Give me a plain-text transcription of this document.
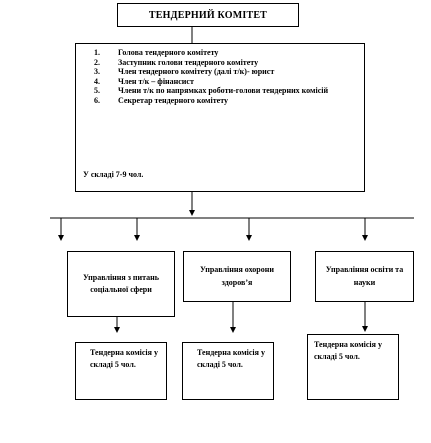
ТЕНДЕРНИЙ КОМІТЕТ
1.	Голова тендерного комітету
2.	Заступник голови тендерного комітету
3.	Член тендерного комітету (далі т/к)- юрист
4.	Член т/к – фінансист
5.	Члени т/к по напрямках роботи-голови тендерних комісій
6.	Секретар тендерного комітету
У складі 7-9 чол.
Управління з питань соціальної сфери
Управління охорони здоров’я
Управління освіти та науки
Тендерна комісія у складі 5 чол.
Тендерна комісія у складі 5 чол.
Тендерна комісія у складі 5 чол.
